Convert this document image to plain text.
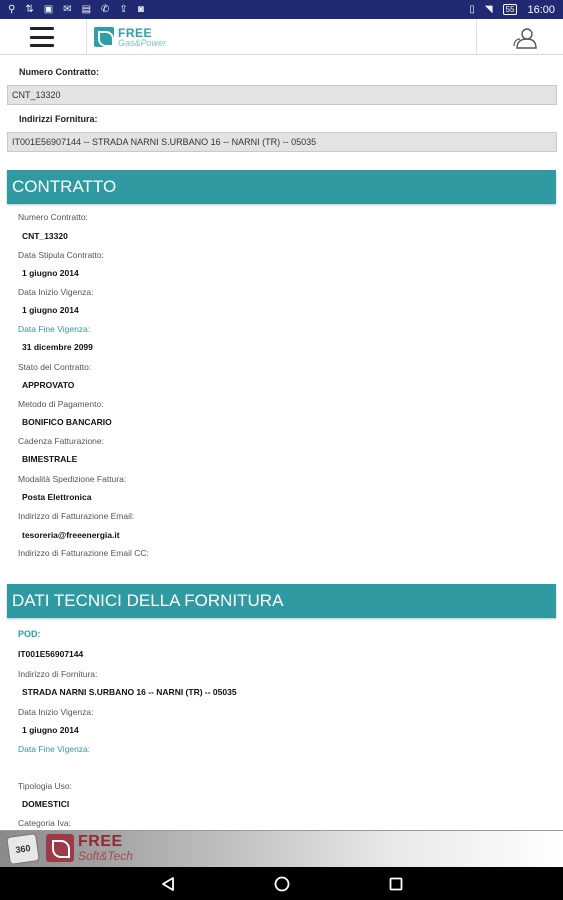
⚲ ⇅ ▣ ✉ ▤ ✆ ⇪ ◙	▯ ◥	55 16:00
FREE
Gas&Power
Numero Contratto:
CNT_13320
Indirizzi Fornitura:
IT001E56907144 -- STRADA NARNI S.URBANO 16 -- NARNI (TR) -- 05035
CONTRATTO
Numero Contratto:
CNT_13320
Data Stipula Contratto:
1 giugno 2014
Data Inizio Vigenza:
1 giugno 2014
Data Fine Vigenza:
31 dicembre 2099
Stato del Contratto:
APPROVATO
Metodo di Pagamento:
BONIFICO BANCARIO
Cadenza Fatturazione:
BIMESTRALE
Modalità Spedizione Fattura:
Posta Elettronica
Indirizzo di Fatturazione Email:
tesoreria@freeenergia.it
Indirizzo di Fatturazione Email CC:
DATI TECNICI DELLA FORNITURA
POD:
IT001E56907144
Indirizzo di Fornitura:
STRADA NARNI S.URBANO 16 -- NARNI (TR) -- 05035
Data Inizio Vigenza:
1 giugno 2014
Data Fine Vigenza:
Tipologia Uso:
DOMESTICI
Categoria Iva:
360	FREE
Soft&Tech
